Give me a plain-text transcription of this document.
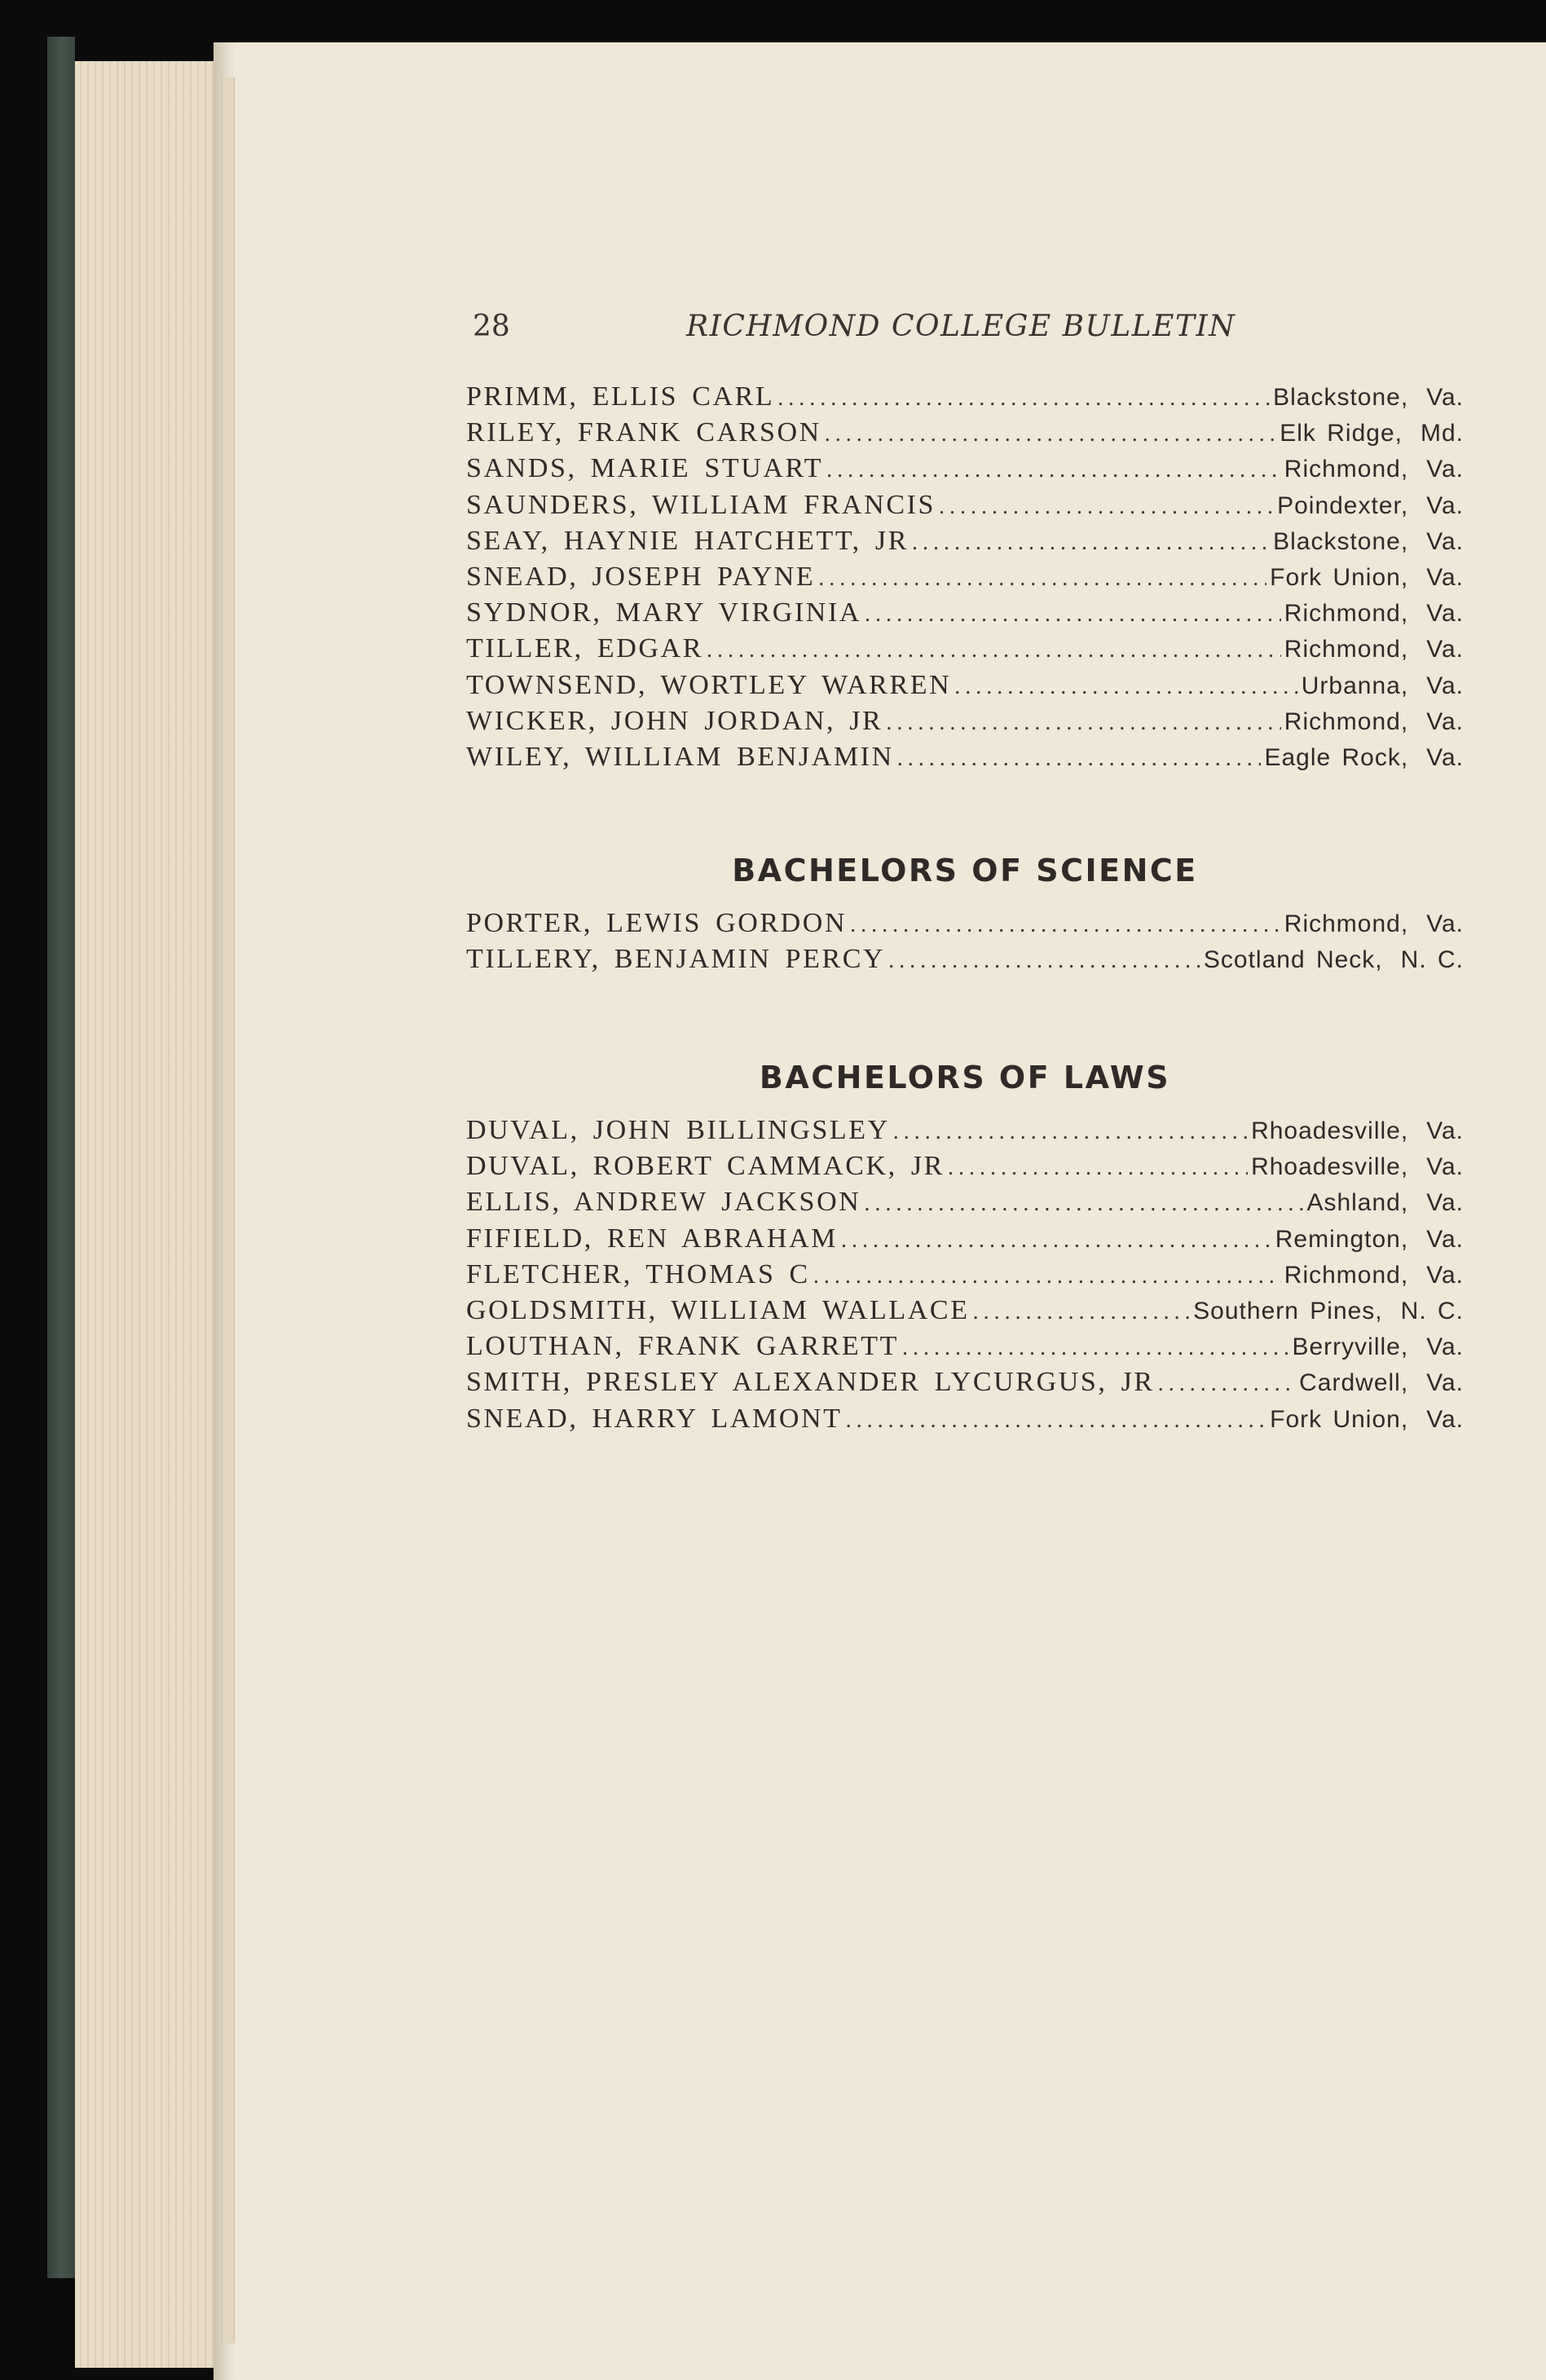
28	RICHMOND COLLEGE BULLETIN
PRIMM, ELLIS CARL .....	Blackstone, Va.
RILEY, FRANK CARSON .....	Elk Ridge, Md.
SANDS, MARIE STUART .....	Richmond, Va.
SAUNDERS, WILLIAM FRANCIS .....	Poindexter, Va.
SEAY, HAYNIE HATCHETT, JR .....	Blackstone, Va.
SNEAD, JOSEPH PAYNE .....	Fork Union, Va.
SYDNOR, MARY VIRGINIA .....	Richmond, Va.
TILLER, EDGAR .....	Richmond, Va.
TOWNSEND, WORTLEY WARREN .....	Urbanna, Va.
WICKER, JOHN JORDAN, JR .....	Richmond, Va.
WILEY, WILLIAM BENJAMIN .....	Eagle Rock, Va.
BACHELORS OF SCIENCE
PORTER, LEWIS GORDON .....	Richmond, Va.
TILLERY, BENJAMIN PERCY .....	Scotland Neck, N. C.
BACHELORS OF LAWS
DUVAL, JOHN BILLINGSLEY .....	Rhoadesville, Va.
DUVAL, ROBERT CAMMACK, JR .....	Rhoadesville, Va.
ELLIS, ANDREW JACKSON .....	Ashland, Va.
FIFIELD, REN ABRAHAM .....	Remington, Va.
FLETCHER, THOMAS C .....	Richmond, Va.
GOLDSMITH, WILLIAM WALLACE .....	Southern Pines, N. C.
LOUTHAN, FRANK GARRETT .....	Berryville, Va.
SMITH, PRESLEY ALEXANDER LYCURGUS, JR .....	Cardwell, Va.
SNEAD, HARRY LAMONT .....	Fork Union, Va.
